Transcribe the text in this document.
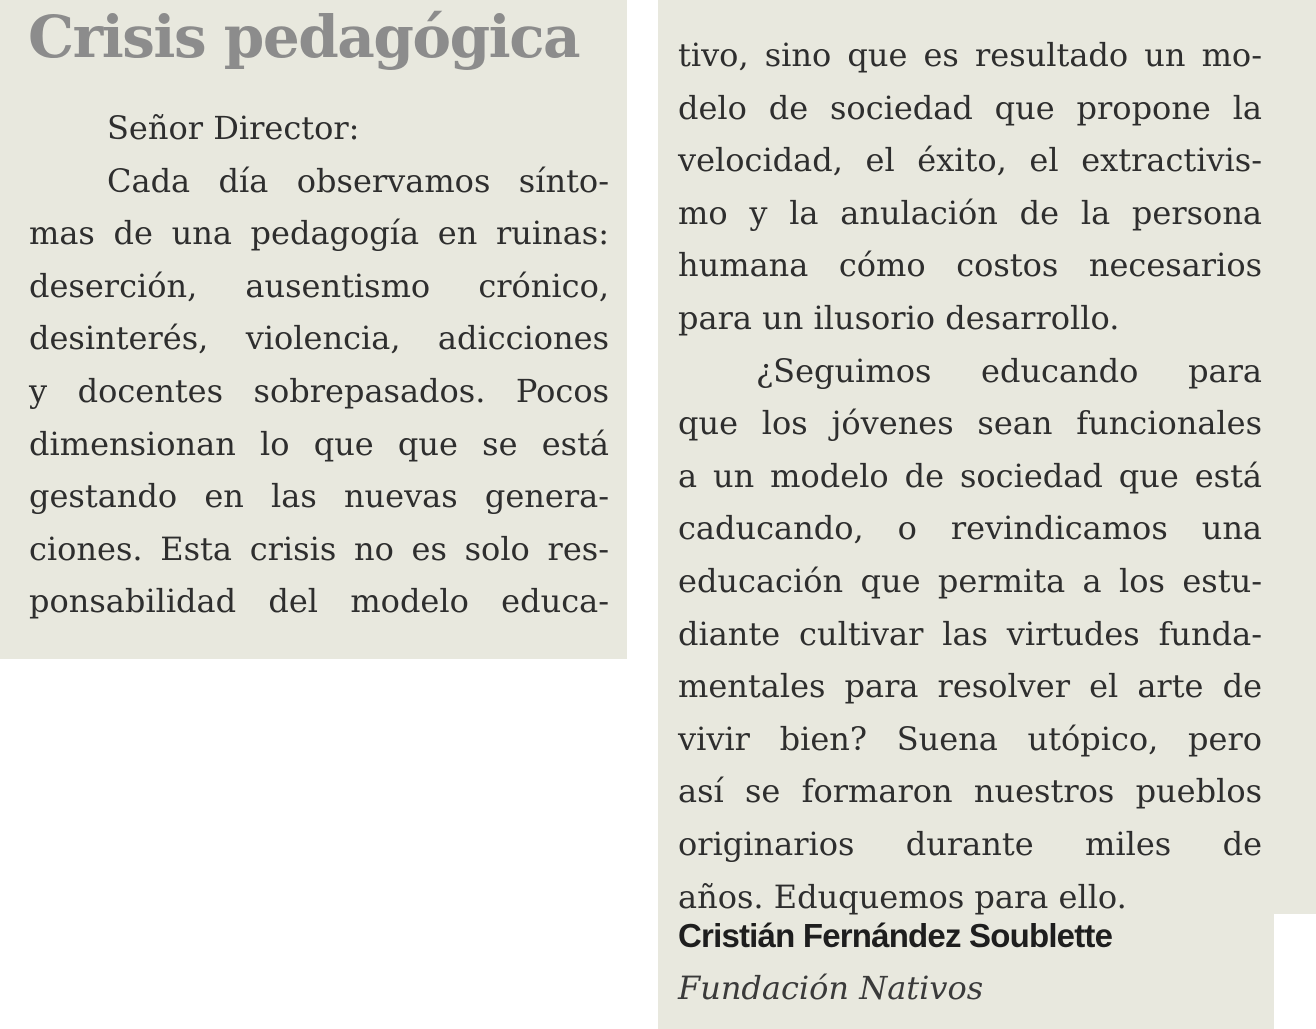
Crisis pedagógica
Señor Director:
Cada día observamos sínto-
mas de una pedagogía en ruinas:
deserción, ausentismo crónico,
desinterés, violencia, adicciones
y docentes sobrepasados. Pocos
dimensionan lo que que se está
gestando en las nuevas genera-
ciones. Esta crisis no es solo res-
ponsabilidad del modelo educa-
tivo, sino que es resultado un mo-
delo de sociedad que propone la
velocidad, el éxito, el extractivis-
mo y la anulación de la persona
humana cómo costos necesarios
para un ilusorio desarrollo.
¿Seguimos educando para
que los jóvenes sean funcionales
a un modelo de sociedad que está
caducando, o revindicamos una
educación que permita a los estu-
diante cultivar las virtudes funda-
mentales para resolver el arte de
vivir bien? Suena utópico, pero
así se formaron nuestros pueblos
originarios durante miles de
años. Eduquemos para ello.

Cristián Fernández Soublette

Fundación Nativos
